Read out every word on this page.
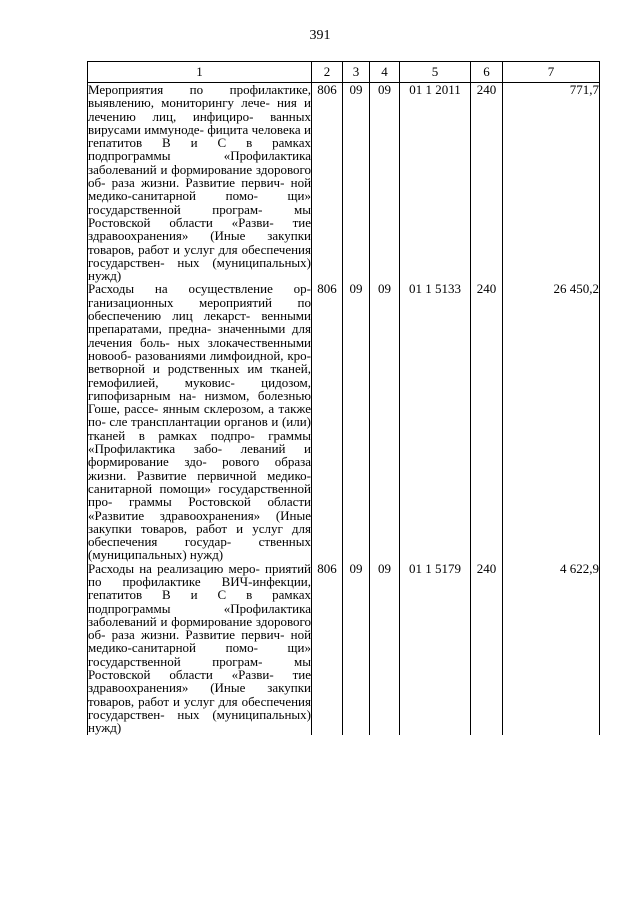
391
1	2	3	4	5	6	7
Мероприятия по профилактике, выявлению, мониторингу лече- ния и лечению лиц, инфициро- ванных вирусами иммуноде- фицита человека и гепатитов В и С в рамках подпрограммы «Профилактика заболеваний и формирование здорового об- раза жизни. Развитие первич- ной медико-санитарной помо- щи» государственной програм- мы Ростовской области «Разви- тие здравоохранения» (Иные закупки товаров, работ и услуг для обеспечения государствен- ных (муниципальных) нужд)	806	09	09	01 1 2011	240	771,7
Расходы на осуществление ор- ганизационных мероприятий по обеспечению лиц лекарст- венными препаратами, предна- значенными для лечения боль- ных злокачественными новооб- разованиями лимфоидной, кро- ветворной и родственных им тканей, гемофилией, муковис- цидозом, гипофизарным на- низмом, болезнью Гоше, рассе- янным склерозом, а также по- сле трансплантации органов и (или) тканей в рамках подпро- граммы «Профилактика забо- леваний и формирование здо- рового образа жизни. Развитие первичной медико-санитарной помощи» государственной про- граммы Ростовской области «Развитие здравоохранения» (Иные закупки товаров, работ и услуг для обеспечения государ- ственных (муниципальных) нужд)	806	09	09	01 1 5133	240	26 450,2
Расходы на реализацию меро- приятий по профилактике ВИЧ-инфекции, гепатитов В и С в рамках подпрограммы «Профилактика заболеваний и формирование здорового об- раза жизни. Развитие первич- ной медико-санитарной помо- щи» государственной програм- мы Ростовской области «Разви- тие здравоохранения» (Иные закупки товаров, работ и услуг для обеспечения государствен- ных (муниципальных) нужд)	806	09	09	01 1 5179	240	4 622,9
